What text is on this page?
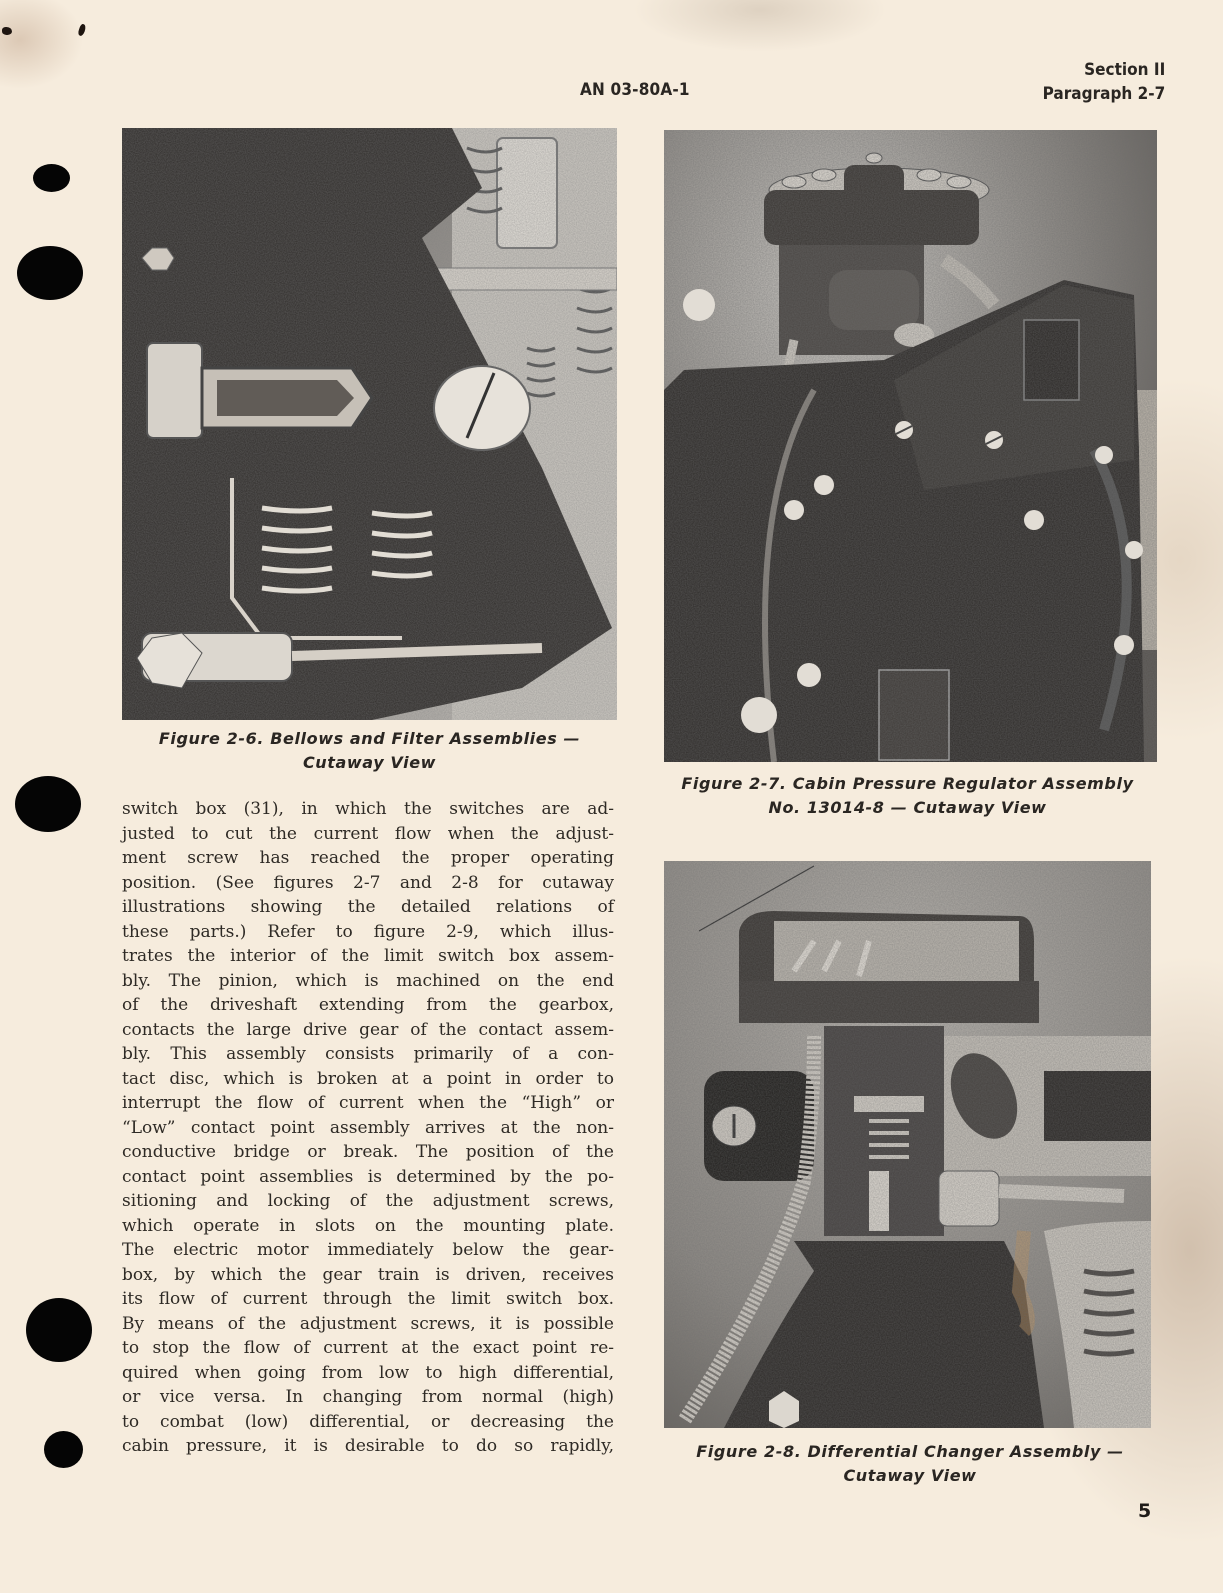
AN 03-80A-1
Section II
Paragraph 2-7
Figure 2-6. Bellows and Filter Assemblies —
Cutaway View
Figure 2-7. Cabin Pressure Regulator Assembly
No. 13014-8 — Cutaway View
Figure 2-8. Differential Changer Assembly —
Cutaway View
switch box (31), in which the switches are ad-
justed to cut the current flow when the adjust-
ment screw has reached the proper operating
position. (See figures 2-7 and 2-8 for cutaway
illustrations showing the detailed relations of
these parts.) Refer to figure 2-9, which illus-
trates the interior of the limit switch box assem-
bly. The pinion, which is machined on the end
of the driveshaft extending from the gearbox,
contacts the large drive gear of the contact assem-
bly. This assembly consists primarily of a con-
tact disc, which is broken at a point in order to
interrupt the flow of current when the “High” or
“Low” contact point assembly arrives at the non-
conductive bridge or break. The position of the
contact point assemblies is determined by the po-
sitioning and locking of the adjustment screws,
which operate in slots on the mounting plate.
The electric motor immediately below the gear-
box, by which the gear train is driven, receives
its flow of current through the limit switch box.
By means of the adjustment screws, it is possible
to stop the flow of current at the exact point re-
quired when going from low to high differential,
or vice versa. In changing from normal (high)
to combat (low) differential, or decreasing the
cabin pressure, it is desirable to do so rapidly,
5
